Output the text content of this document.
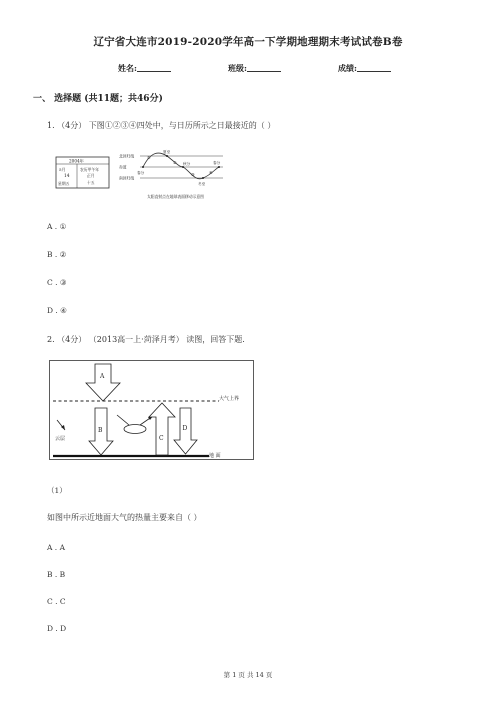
辽宁省大连市2019-2020学年高一下学期地理期末考试试卷B卷
姓名:	班级:	成绩:
一、 选择题 (共11题；共46分)
1. （4分） 下图①②③④四处中，与日历所示之日最接近的（ ）
2004年
5月
14
星期五
农历甲午年
正月
十五
北回归线
赤道
南回归线
夏至
春分
秋分
冬至
春分
①
②
③	④
太阳直射点在地球表面移动示意图
A . ①
B . ②
C . ③
D . ④
2. （4分） （2013高一上·菏泽月考） 读图，回答下题.
大气上界
地 面
A
B
云层	C
D
（1）
如图中所示近地面大气的热量主要来自（ ）
A . A
B . B
C . C
D . D
第 1 页 共 14 页
